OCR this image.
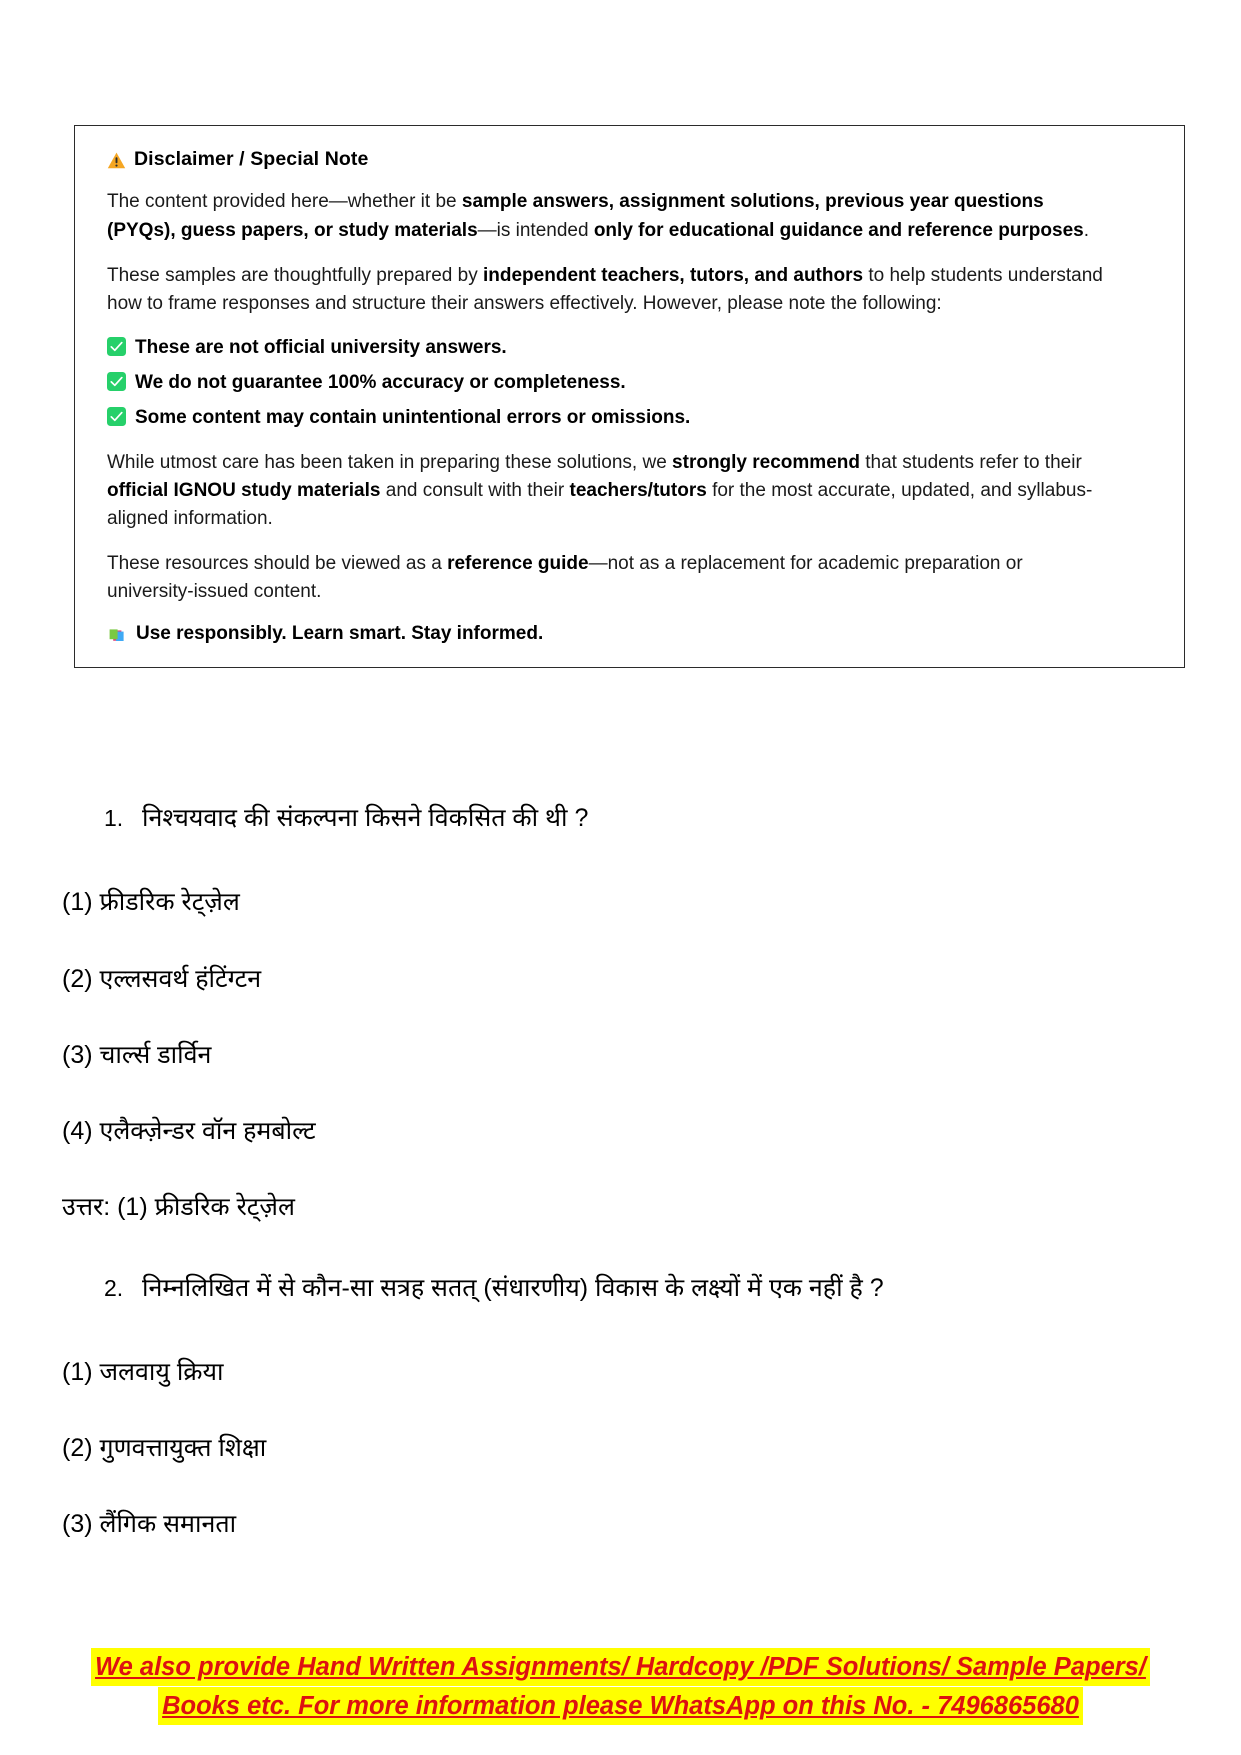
Disclaimer / Special Note

The content provided here—whether it be sample answers, assignment solutions, previous year questions (PYQs), guess papers, or study materials—is intended only for educational guidance and reference purposes.

These samples are thoughtfully prepared by independent teachers, tutors, and authors to help students understand how to frame responses and structure their answers effectively. However, please note the following:

These are not official university answers.
We do not guarantee 100% accuracy or completeness.
Some content may contain unintentional errors or omissions.

While utmost care has been taken in preparing these solutions, we strongly recommend that students refer to their official IGNOU study materials and consult with their teachers/tutors for the most accurate, updated, and syllabus-aligned information.

These resources should be viewed as a reference guide—not as a replacement for academic preparation or university-issued content.

Use responsibly. Learn smart. Stay informed.
1. निश्चयवाद की संकल्पना किसने विकसित की थी ?
(1) फ्रीडरिक रेट्ज़ेल
(2) एल्लसवर्थ हंटिंग्टन
(3) चार्ल्स डार्विन
(4) एलैक्ज़ेन्डर वॉन हमबोल्ट
उत्तर: (1) फ्रीडरिक रेट्ज़ेल
2. निम्नलिखित में से कौन-सा सत्रह सतत् (संधारणीय) विकास के लक्ष्यों में एक नहीं है ?
(1) जलवायु क्रिया
(2) गुणवत्तायुक्त शिक्षा
(3) लैंगिक समानता
We also provide Hand Written Assignments/ Hardcopy /PDF Solutions/ Sample Papers/
Books etc. For more information please WhatsApp on this No. - 7496865680
